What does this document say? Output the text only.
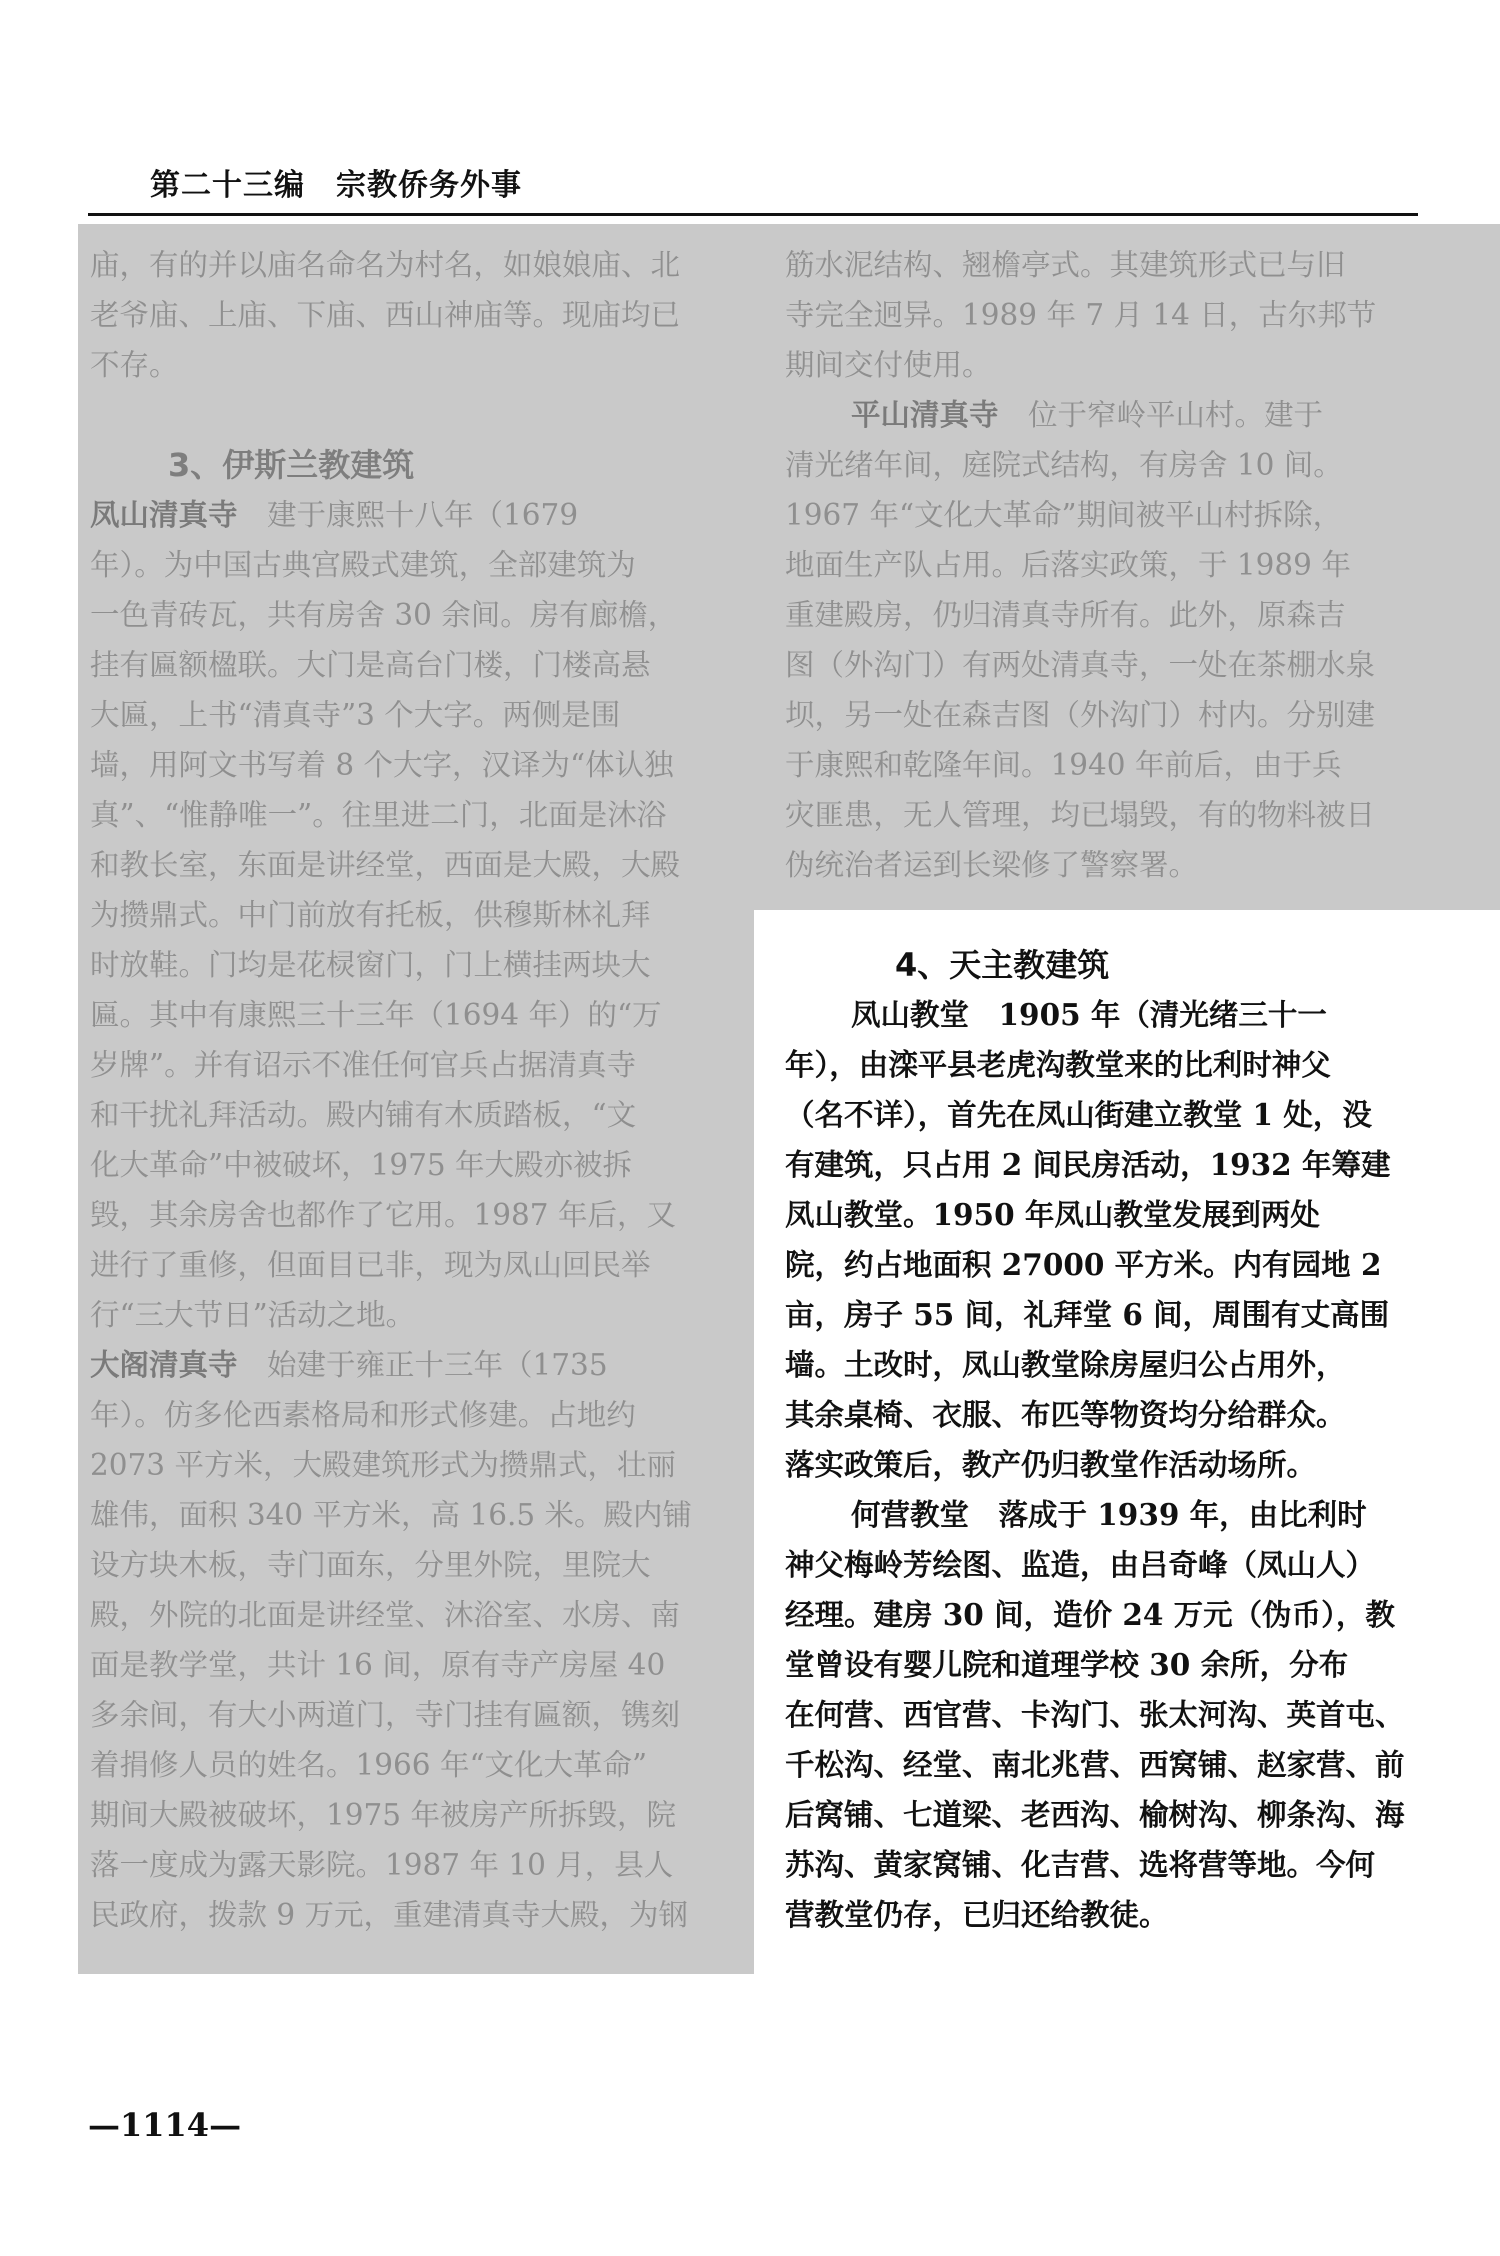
第二十三编　宗教侨务外事
庙，有的并以庙名命名为村名，如娘娘庙、北
老爷庙、上庙、下庙、西山神庙等。现庙均已
不存。
3、伊斯兰教建筑
凤山清真寺　建于康熙十八年（1679
年）。为中国古典宫殿式建筑，全部建筑为
一色青砖瓦，共有房舍 30 余间。房有廊檐，
挂有匾额楹联。大门是高台门楼，门楼高悬
大匾，上书“清真寺”3 个大字。两侧是围
墙，用阿文书写着 8 个大字，汉译为“体认独
真”、“惟静唯一”。往里进二门，北面是沐浴
和教长室，东面是讲经堂，西面是大殿，大殿
为攒鼎式。中门前放有托板，供穆斯林礼拜
时放鞋。门均是花棂窗门，门上横挂两块大
匾。其中有康熙三十三年（1694 年）的“万
岁牌”。并有诏示不准任何官兵占据清真寺
和干扰礼拜活动。殿内铺有木质踏板，“文
化大革命”中被破坏，1975 年大殿亦被拆
毁，其余房舍也都作了它用。1987 年后，又
进行了重修，但面目已非，现为凤山回民举
行“三大节日”活动之地。
大阁清真寺　始建于雍正十三年（1735
年）。仿多伦西素格局和形式修建。占地约
2073 平方米，大殿建筑形式为攒鼎式，壮丽
雄伟，面积 340 平方米，高 16.5 米。殿内铺
设方块木板，寺门面东，分里外院，里院大
殿，外院的北面是讲经堂、沐浴室、水房、南
面是教学堂，共计 16 间，原有寺产房屋 40
多余间，有大小两道门，寺门挂有匾额，镌刻
着捐修人员的姓名。1966 年“文化大革命”
期间大殿被破坏，1975 年被房产所拆毁，院
落一度成为露天影院。1987 年 10 月，县人
民政府，拨款 9 万元，重建清真寺大殿，为钢
筋水泥结构、翘檐亭式。其建筑形式已与旧
寺完全迥异。1989 年 7 月 14 日，古尔邦节
期间交付使用。
平山清真寺　位于窄岭平山村。建于
清光绪年间，庭院式结构，有房舍 10 间。
1967 年“文化大革命”期间被平山村拆除，
地面生产队占用。后落实政策，于 1989 年
重建殿房，仍归清真寺所有。此外，原森吉
图（外沟门）有两处清真寺，一处在茶棚水泉
坝，另一处在森吉图（外沟门）村内。分别建
于康熙和乾隆年间。1940 年前后，由于兵
灾匪患，无人管理，均已塌毁，有的物料被日
伪统治者运到长梁修了警察署。
4、天主教建筑
凤山教堂　1905 年（清光绪三十一
年），由滦平县老虎沟教堂来的比利时神父
（名不详），首先在凤山街建立教堂 1 处，没
有建筑，只占用 2 间民房活动，1932 年筹建
凤山教堂。1950 年凤山教堂发展到两处
院，约占地面积 27000 平方米。内有园地 2
亩，房子 55 间，礼拜堂 6 间，周围有丈高围
墙。土改时，凤山教堂除房屋归公占用外，
其余桌椅、衣服、布匹等物资均分给群众。
落实政策后，教产仍归教堂作活动场所。
何营教堂　落成于 1939 年，由比利时
神父梅岭芳绘图、监造，由吕奇峰（凤山人）
经理。建房 30 间，造价 24 万元（伪币），教
堂曾设有婴儿院和道理学校 30 余所，分布
在何营、西官营、卡沟门、张太河沟、英首屯、
千松沟、经堂、南北兆营、西窝铺、赵家营、前
后窝铺、七道梁、老西沟、榆树沟、柳条沟、海
苏沟、黄家窝铺、化吉营、选将营等地。今何
营教堂仍存，已归还给教徒。
—1114—
